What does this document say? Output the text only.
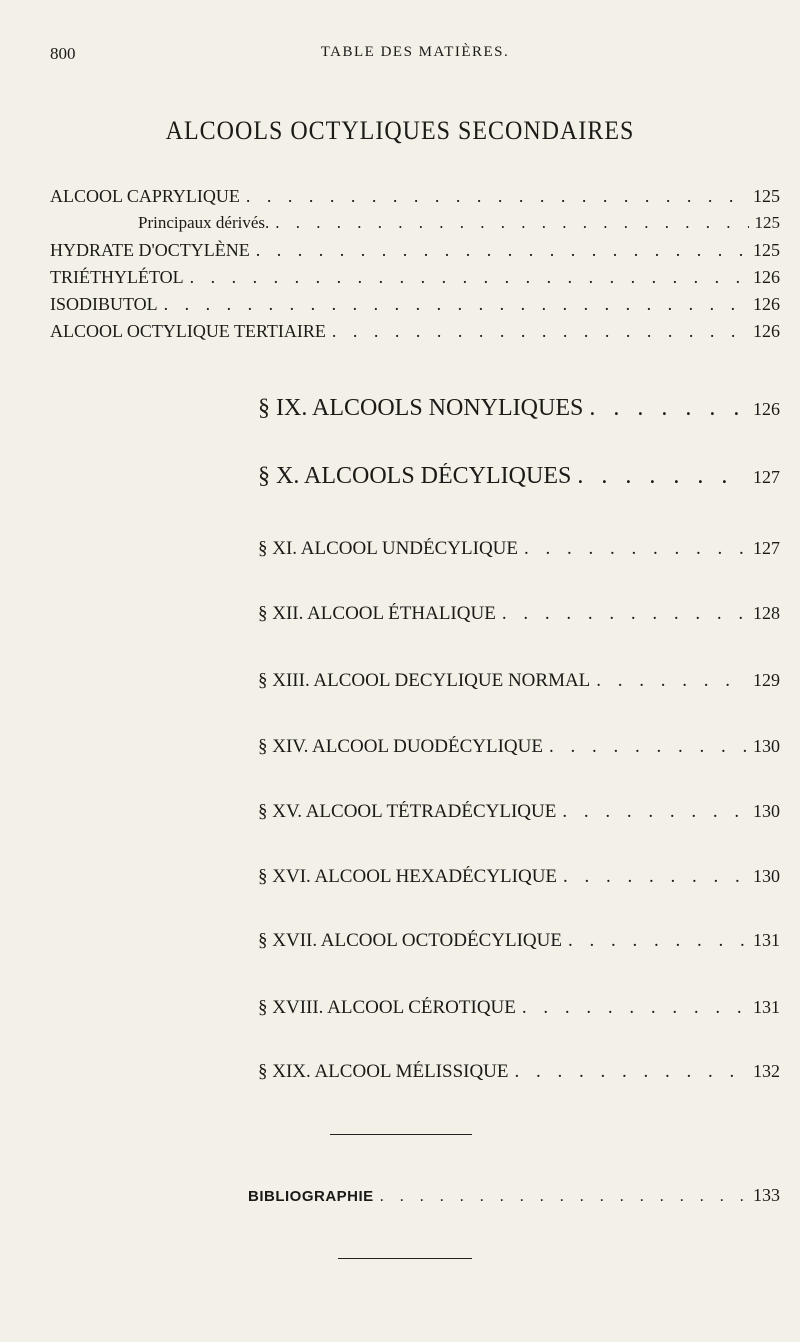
800	TABLE DES MATIÈRES.
ALCOOLS OCTYLIQUES SECONDAIRES
ALCOOL CAPRYLIQUE . . .	125
Principaux dérivés. . . .	125
HYDRATE D'OCTYLÈNE . . .	125
TRIÉTHYLÉTOL . . .	126
ISODIBUTOL . . .	126
ALCOOL OCTYLIQUE TERTIAIRE . . .	126
§ IX. ALCOOLS NONYLIQUES . . .	126
§ X. ALCOOLS DÉCYLIQUES . . .	127
§ XI. ALCOOL UNDÉCYLIQUE . . .	127
§ XII. ALCOOL ÉTHALIQUE . . .	128
§ XIII. ALCOOL DECYLIQUE NORMAL . . .	129
§ XIV. ALCOOL DUODÉCYLIQUE . . .	130
§ XV. ALCOOL TÉTRADÉCYLIQUE . . .	130
§ XVI. ALCOOL HEXADÉCYLIQUE . . .	130
§ XVII. ALCOOL OCTODÉCYLIQUE . . .	131
§ XVIII. ALCOOL CÉROTIQUE . . .	131
§ XIX. ALCOOL MÉLISSIQUE . . .	132
BIBLIOGRAPHIE . . .	133
